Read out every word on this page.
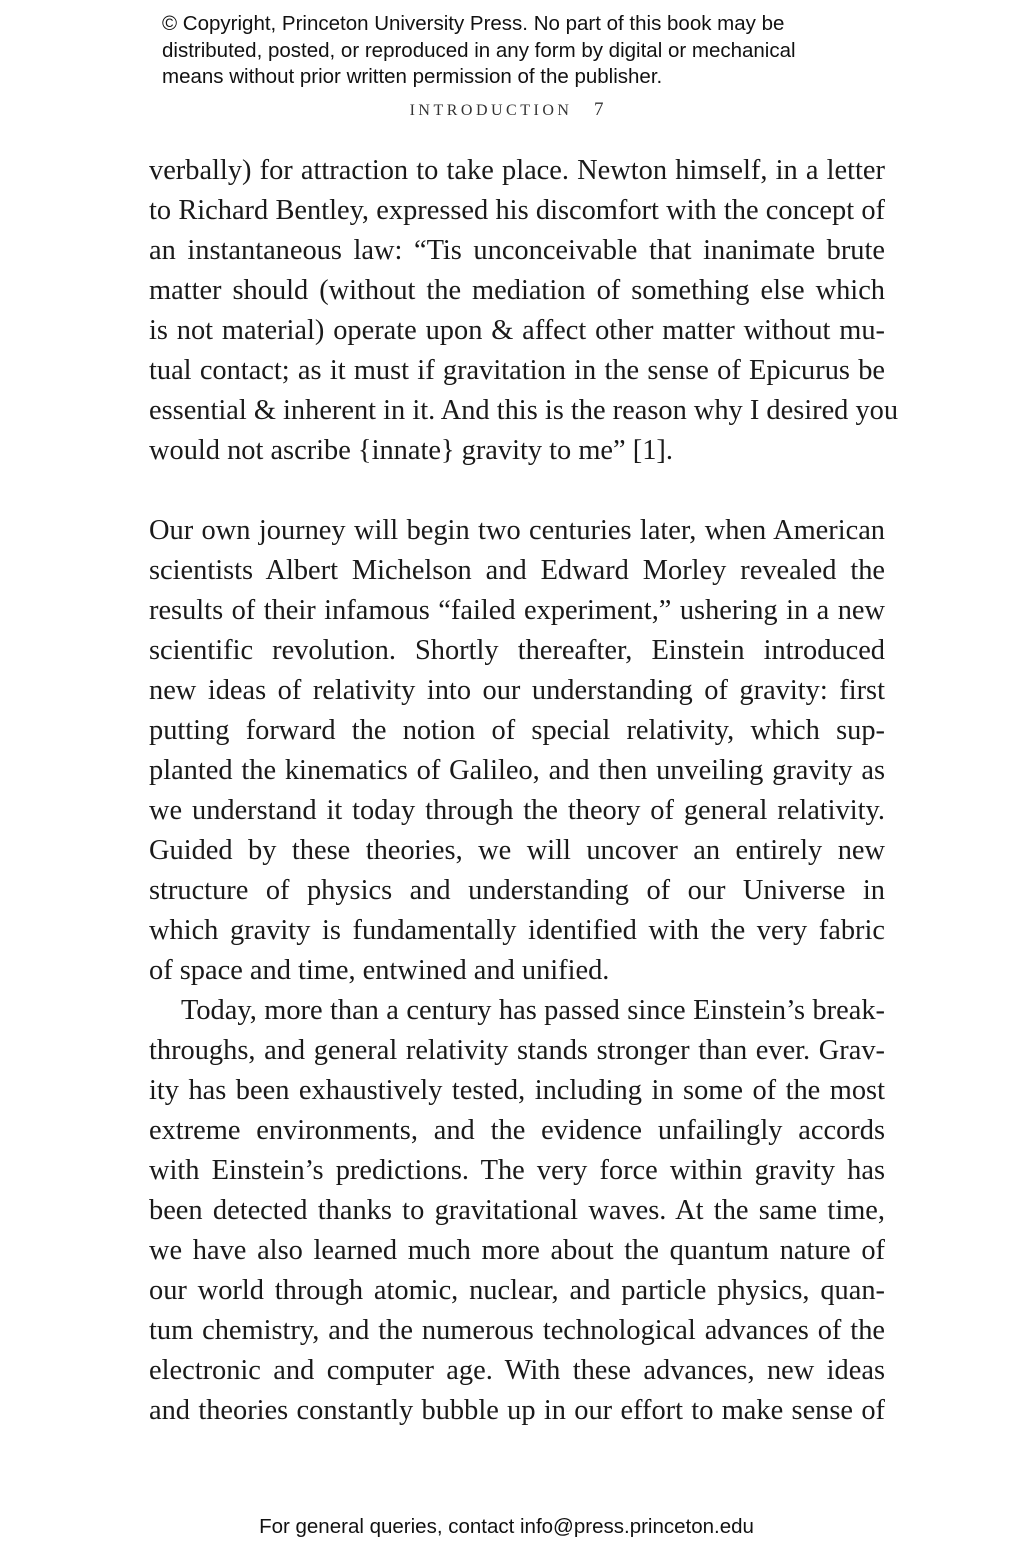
© Copyright, Princeton University Press. No part of this book may be
distributed, posted, or reproduced in any form by digital or mechanical
means without prior written permission of the publisher.
INTRODUCTION 7
verbally) for attraction to take place. Newton himself, in a letter
to Richard Bentley, expressed his discomfort with the concept of
an instantaneous law: “Tis unconceivable that inanimate brute
matter should (without the mediation of something else which
is not material) operate upon & affect other matter without mu-
tual contact; as it must if gravitation in the sense of Epicurus be
essential & inherent in it. And this is the reason why I desired you
would not ascribe {innate} gravity to me” [1].
Our own journey will begin two centuries later, when American
scientists Albert Michelson and Edward Morley revealed the
results of their infamous “failed experiment,” ushering in a new
scientific revolution. Shortly thereafter, Einstein introduced
new ideas of relativity into our understanding of gravity: first
putting forward the notion of special relativity, which sup-
planted the kinematics of Galileo, and then unveiling gravity as
we understand it today through the theory of general relativity.
Guided by these theories, we will uncover an entirely new
structure of physics and understanding of our Universe in
which gravity is fundamentally identified with the very fabric
of space and time, entwined and unified.
Today, more than a century has passed since Einstein’s break-
throughs, and general relativity stands stronger than ever. Grav-
ity has been exhaustively tested, including in some of the most
extreme environments, and the evidence unfailingly accords
with Einstein’s predictions. The very force within gravity has
been detected thanks to gravitational waves. At the same time,
we have also learned much more about the quantum nature of
our world through atomic, nuclear, and particle physics, quan-
tum chemistry, and the numerous technological advances of the
electronic and computer age. With these advances, new ideas
and theories constantly bubble up in our effort to make sense of
For general queries, contact info@press.princeton.edu
